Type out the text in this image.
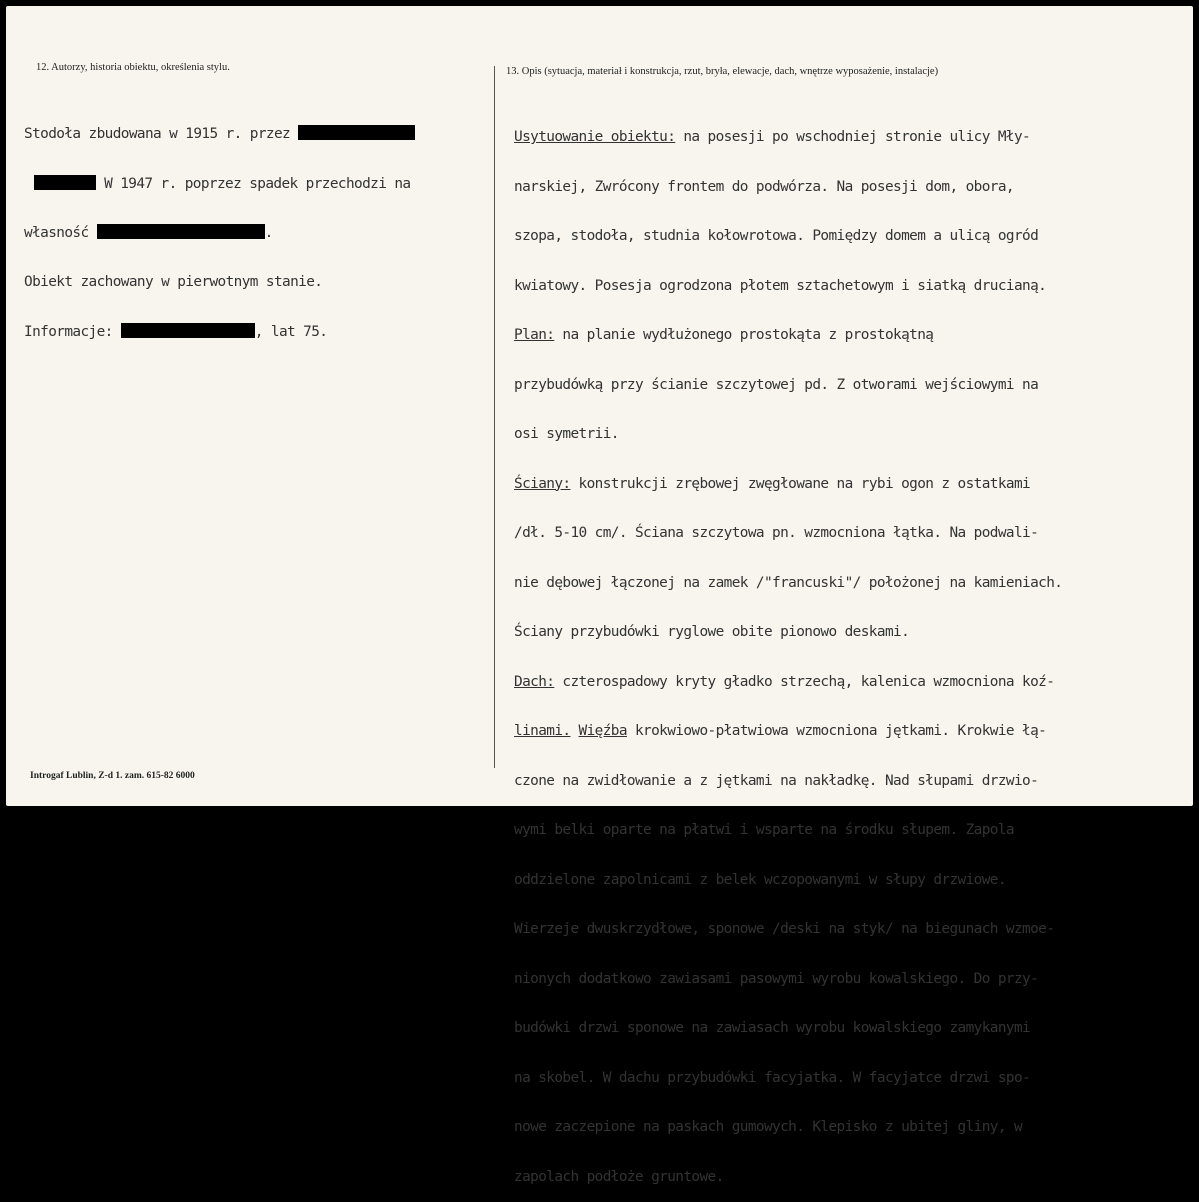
12. Autorzy, historia obiektu, określenia stylu.	13. Opis (sytuacja, materiał i konstrukcja, rzut, bryła, elewacje, dach, wnętrze wyposażenie, instalacje)

Stodoła zbudowana w 1915 r. przez

W 1947 r. poprzez spadek przechodzi na

własność	.

Obiekt zachowany w pierwotnym stanie.

Informacje:	, lat 75.

Usytuowanie obiektu: na posesji po wschodniej stronie ulicy Mły-

narskiej, Zwrócony frontem do podwórza. Na posesji dom, obora,

szopa, stodoła, studnia kołowrotowa. Pomiędzy domem a ulicą ogród

kwiatowy. Posesja ogrodzona płotem sztachetowym i siatką drucianą.

Plan: na planie wydłużonego prostokąta z prostokątną

przybudówką przy ścianie szczytowej pd. Z otworami wejściowymi na

osi symetrii.

Ściany: konstrukcji zrębowej zwęgłowane na rybi ogon z ostatkami

/dł. 5-10 cm/. Ściana szczytowa pn. wzmocniona łątka. Na podwali-

nie dębowej łączonej na zamek /"francuski"/ położonej na kamieniach.

Ściany przybudówki ryglowe obite pionowo deskami.

Dach: czterospadowy kryty gładko strzechą, kalenica wzmocniona koź-

linami. Więźba krokwiowo-płatwiowa wzmocniona jętkami. Krokwie łą-

czone na zwidłowanie a z jętkami na nakładkę. Nad słupami drzwio-

wymi belki oparte na płatwi i wsparte na środku słupem. Zapola

oddzielone zapolnicami z belek wczopowanymi w słupy drzwiowe.

Wierzeje dwuskrzydłowe, sponowe /deski na styk/ na biegunach wzmoe-

nionych dodatkowo zawiasami pasowymi wyrobu kowalskiego. Do przy-

budówki drzwi sponowe na zawiasach wyrobu kowalskiego zamykanymi

na skobel. W dachu przybudówki facyjatka. W facyjatce drzwi spo-

nowe zaczepione na paskach gumowych. Klepisko z ubitej gliny, w

zapolach podłoże gruntowe.

Introgaf Lublin, Z-d 1. zam. 615-82 6000
